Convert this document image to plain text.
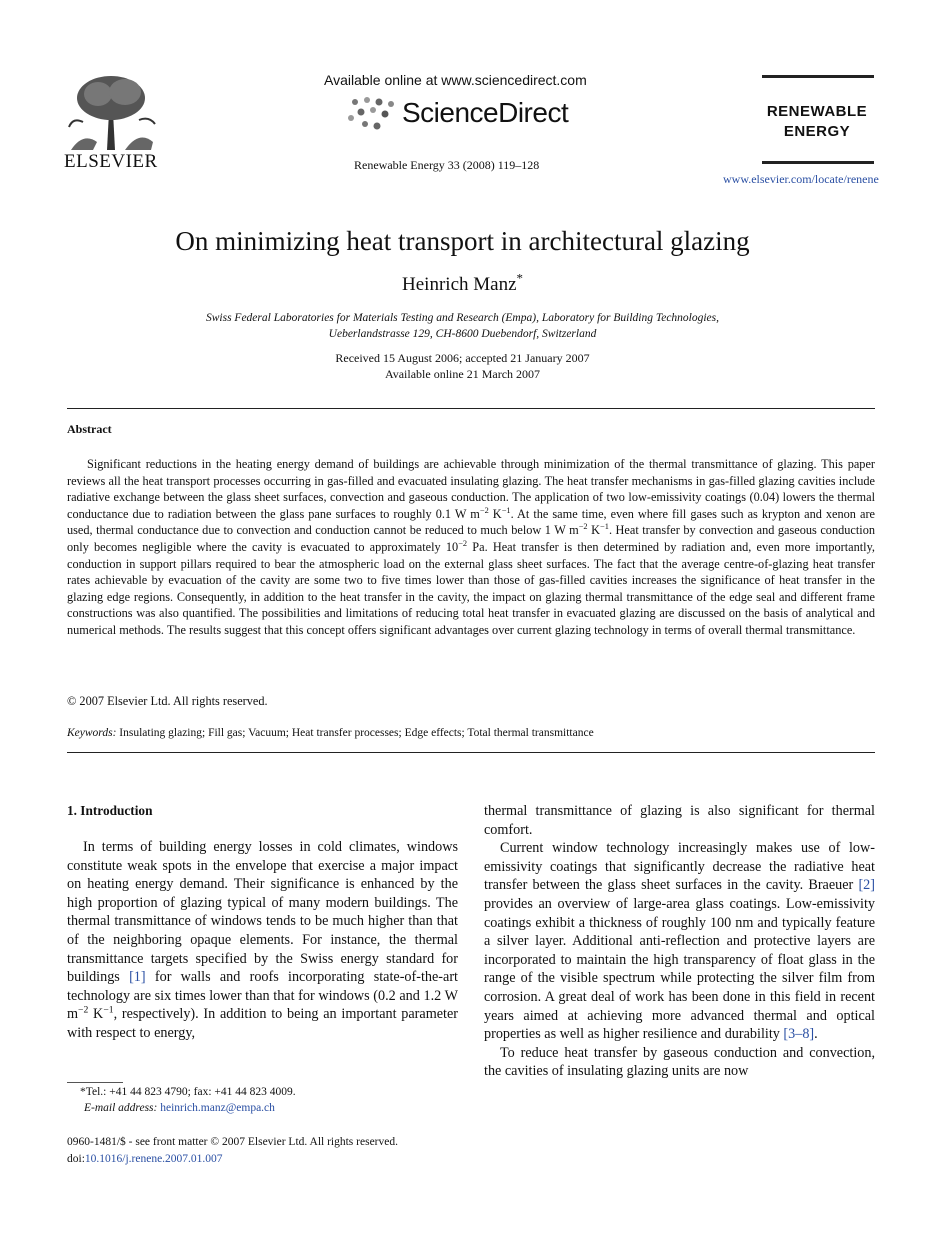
ELSEVIER
Available online at www.sciencedirect.com
ScienceDirect
Renewable Energy 33 (2008) 119–128
RENEWABLE
ENERGY
www.elsevier.com/locate/renene
On minimizing heat transport in architectural glazing
Heinrich Manz*
Swiss Federal Laboratories for Materials Testing and Research (Empa), Laboratory for Building Technologies,
Ueberlandstrasse 129, CH-8600 Duebendorf, Switzerland
Received 15 August 2006; accepted 21 January 2007
Available online 21 March 2007
Abstract
Significant reductions in the heating energy demand of buildings are achievable through minimization of the thermal transmittance of glazing. This paper reviews all the heat transport processes occurring in gas-filled and evacuated insulating glazing. The heat transfer mechanisms in gas-filled glazing cavities include radiative exchange between the glass sheet surfaces, convection and gaseous conduction. The application of two low-emissivity coatings (0.04) lowers the thermal conductance due to radiation between the glass pane surfaces to roughly 0.1 W $m^{-2}$ $K^{-1}$. At the same time, even where fill gases such as krypton and xenon are used, thermal conductance due to convection and conduction cannot be reduced to much below 1 W $m^{-2}$ $K^{-1}$. Heat transfer by convection and gaseous conduction only becomes negligible where the cavity is evacuated to approximately $10^{-2}$ Pa. Heat transfer is then determined by radiation and, even more importantly, conduction in support pillars required to bear the atmospheric load on the external glass sheet surfaces. The fact that the average centre-of-glazing heat transfer rates achievable by evacuation of the cavity are some two to five times lower than those of gas-filled cavities increases the significance of heat transfer in the glazing edge regions. Consequently, in addition to the heat transfer in the cavity, the impact on glazing thermal transmittance of the edge seal and different frame constructions was also quantified. The possibilities and limitations of reducing total heat transfer in evacuated glazing are discussed on the basis of analytical and numerical methods. The results suggest that this concept offers significant advantages over current glazing technology in terms of overall thermal transmittance.
© 2007 Elsevier Ltd. All rights reserved.
Keywords: Insulating glazing; Fill gas; Vacuum; Heat transfer processes; Edge effects; Total thermal transmittance
1. Introduction
In terms of building energy losses in cold climates, windows constitute weak spots in the envelope that exercise a major impact on heating energy demand. Their significance is enhanced by the high proportion of glazing typical of many modern buildings. The thermal transmittance of windows tends to be much higher than that of the neighboring opaque elements. For instance, the thermal transmittance targets specified by the Swiss energy standard for buildings [1] for walls and roofs incorporating state-of-the-art technology are six times lower than that for windows (0.2 and 1.2 W $m^{-2}$ $K^{-1}$, respectively). In addition to being an important parameter with respect to energy,
*Tel.: +41 44 823 4790; fax: +41 44 823 4009.
E-mail address: heinrich.manz@empa.ch
0960-1481/$ - see front matter © 2007 Elsevier Ltd. All rights reserved.
doi:10.1016/j.renene.2007.01.007

thermal transmittance of glazing is also significant for thermal comfort.

Current window technology increasingly makes use of low-emissivity coatings that significantly decrease the radiative heat transfer between the glass sheet surfaces in the cavity. Braeuer [2] provides an overview of large-area glass coatings. Low-emissivity coatings exhibit a thickness of roughly 100 nm and typically feature a silver layer. Additional anti-reflection and protective layers are incorporated to maintain the high transparency of float glass in the range of the visible spectrum while protecting the silver film from corrosion. A great deal of work has been done in this field in recent years aimed at achieving more advanced thermal and optical properties as well as higher resilience and durability [3–8].

To reduce heat transfer by gaseous conduction and convection, the cavities of insulating glazing units are now
